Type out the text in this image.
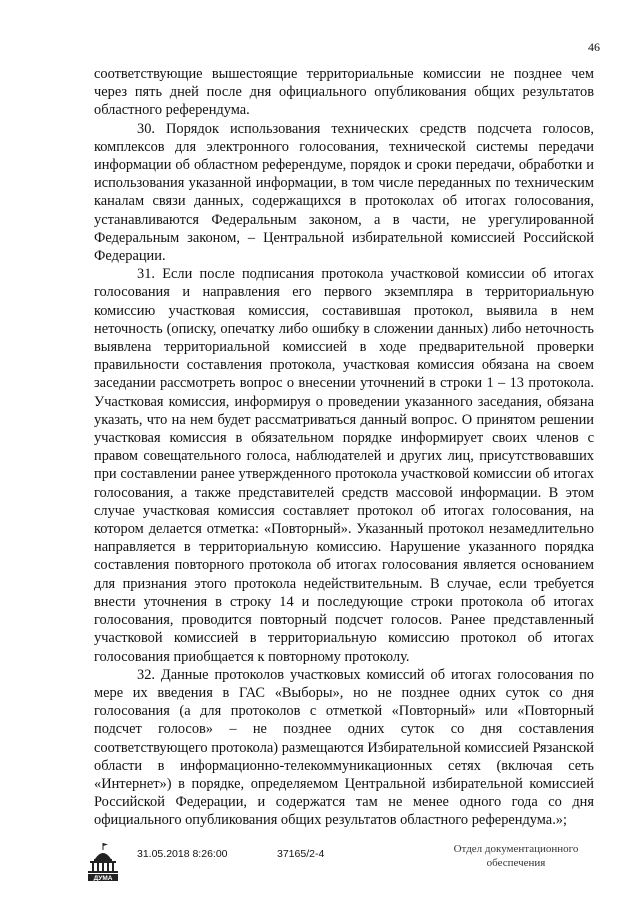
46

соответствующие вышестоящие территориальные комиссии не позднее чем через пять дней после дня официального опубликования общих результатов областного референдума.

30. Порядок использования технических средств подсчета голосов, комплексов для электронного голосования, технической системы передачи информации об областном референдуме, порядок и сроки передачи, обработки и использования указанной информации, в том числе переданных по техническим каналам связи данных, содержащихся в протоколах об итогах голосования, устанавливаются Федеральным законом, а в части, не урегулированной Федеральным законом, – Центральной избирательной комиссией Российской Федерации.

31. Если после подписания протокола участковой комиссии об итогах голосования и направления его первого экземпляра в территориальную комиссию участковая комиссия, составившая протокол, выявила в нем неточность (описку, опечатку либо ошибку в сложении данных) либо неточность выявлена территориальной комиссией в ходе предварительной проверки правильности составления протокола, участковая комиссия обязана на своем заседании рассмотреть вопрос о внесении уточнений в строки 1 – 13 протокола. Участковая комиссия, информируя о проведении указанного заседания, обязана указать, что на нем будет рассматриваться данный вопрос. О принятом решении участковая комиссия в обязательном порядке информирует своих членов с правом совещательного голоса, наблюдателей и других лиц, присутствовавших при составлении ранее утвержденного протокола участковой комиссии об итогах голосования, а также представителей средств массовой информации. В этом случае участковая комиссия составляет протокол об итогах голосования, на котором делается отметка: «Повторный». Указанный протокол незамедлительно направляется в территориальную комиссию. Нарушение указанного порядка составления повторного протокола об итогах голосования является основанием для признания этого протокола недействительным. В случае, если требуется внести уточнения в строку 14 и последующие строки протокола об итогах голосования, проводится повторный подсчет голосов. Ранее представленный участковой комиссией в территориальную комиссию протокол об итогах голосования приобщается к повторному протоколу.

32. Данные протоколов участковых комиссий об итогах голосования по мере их введения в ГАС «Выборы», но не позднее одних суток со дня голосования (а для протоколов с отметкой «Повторный» или «Повторный подсчет голосов» – не позднее одних суток со дня составления соответствующего протокола) размещаются Избирательной комиссией Рязанской области в информационно-телекоммуникационных сетях (включая сеть «Интернет») в порядке, определяемом Центральной избирательной комиссией Российской Федерации, и содержатся там не менее одного года со дня официального опубликования общих результатов областного референдума.»;

ДУМА
31.05.2018 8:26:00	37165/2-4	Отдел документационного
обеспечения
